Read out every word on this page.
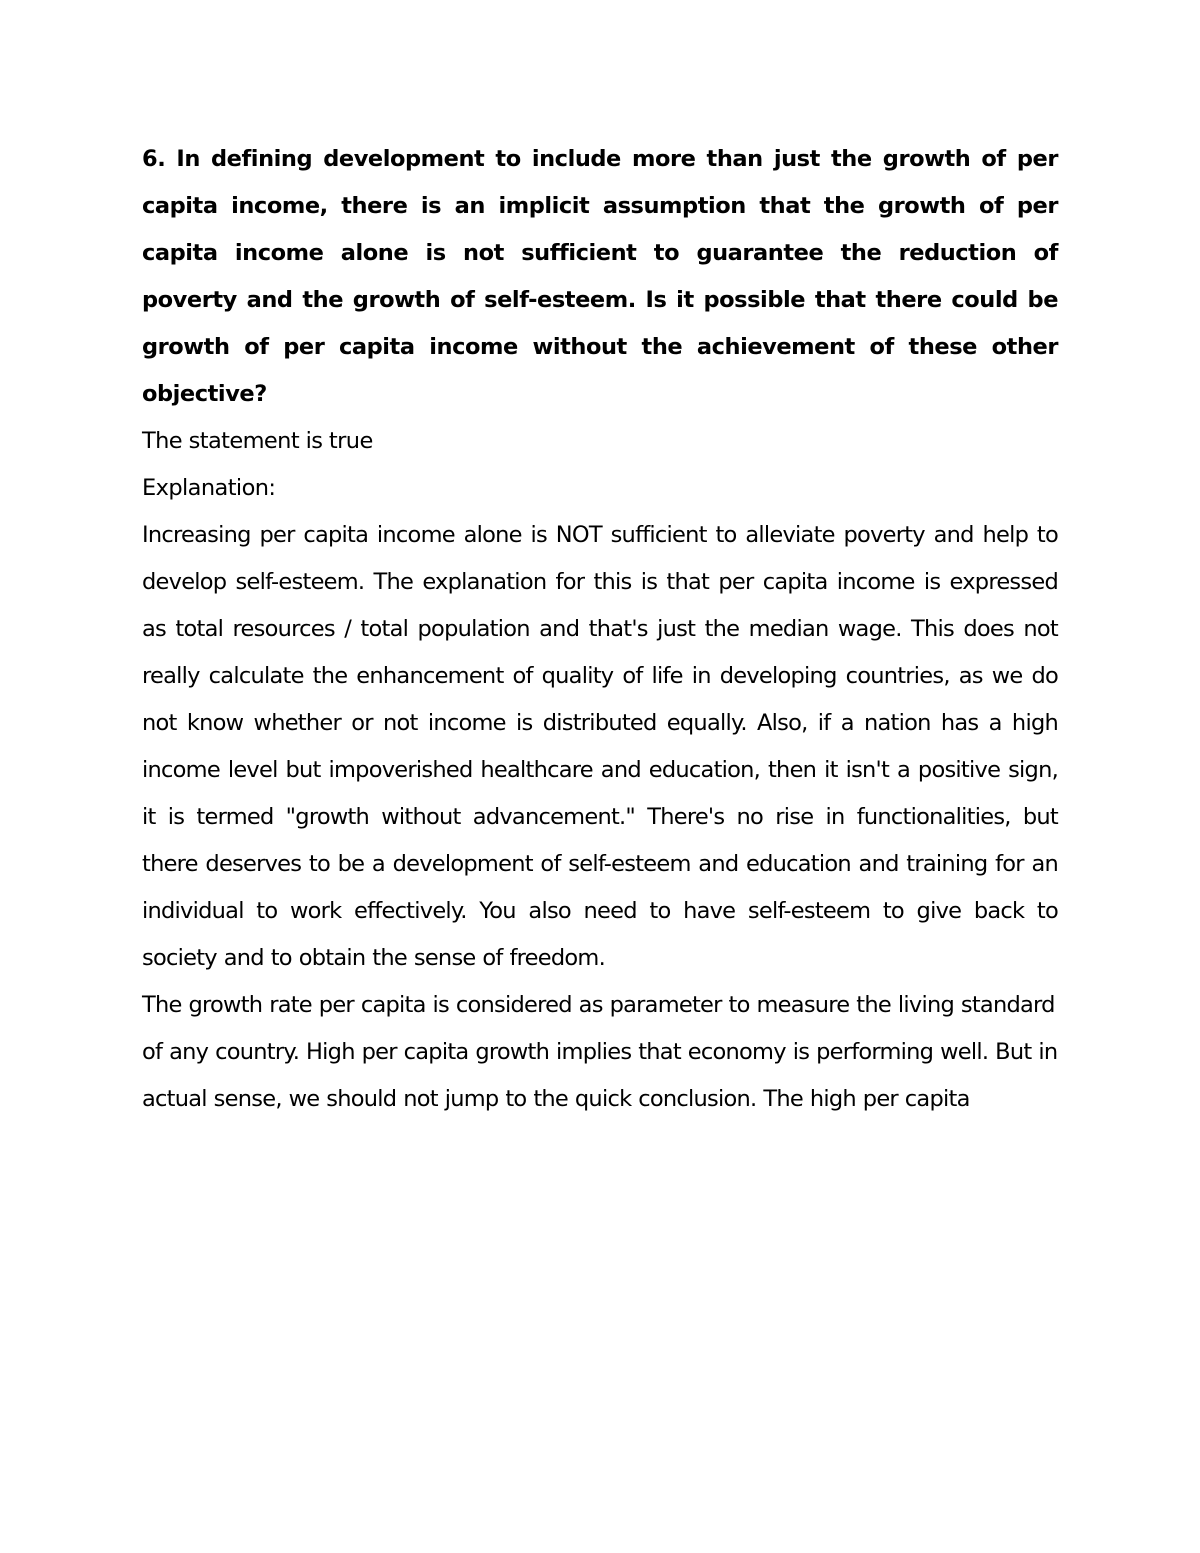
6. In defining development to include more than just the growth of per capita income, there is an implicit assumption that the growth of per capita income alone is not sufficient to guarantee the reduction of poverty and the growth of self-esteem. Is it possible that there could be growth of per capita income without the achievement of these other objective?

The statement is true

Explanation:

Increasing per capita income alone is NOT sufficient to alleviate poverty and help to develop self-esteem. The explanation for this is that per capita income is expressed as total resources / total population and that's just the median wage. This does not really calculate the enhancement of quality of life in developing countries, as we do not know whether or not income is distributed equally. Also, if a nation has a high income level but impoverished healthcare and education, then it isn't a positive sign, it is termed "growth without advancement." There's no rise in functionalities, but there deserves to be a development of self-esteem and education and training for an individual to work effectively. You also need to have self-esteem to give back to society and to obtain the sense of freedom.

The growth rate per capita is considered as parameter to measure the living standard of any country. High per capita growth implies that economy is performing well. But in actual sense, we should not jump to the quick conclusion. The high per capita
